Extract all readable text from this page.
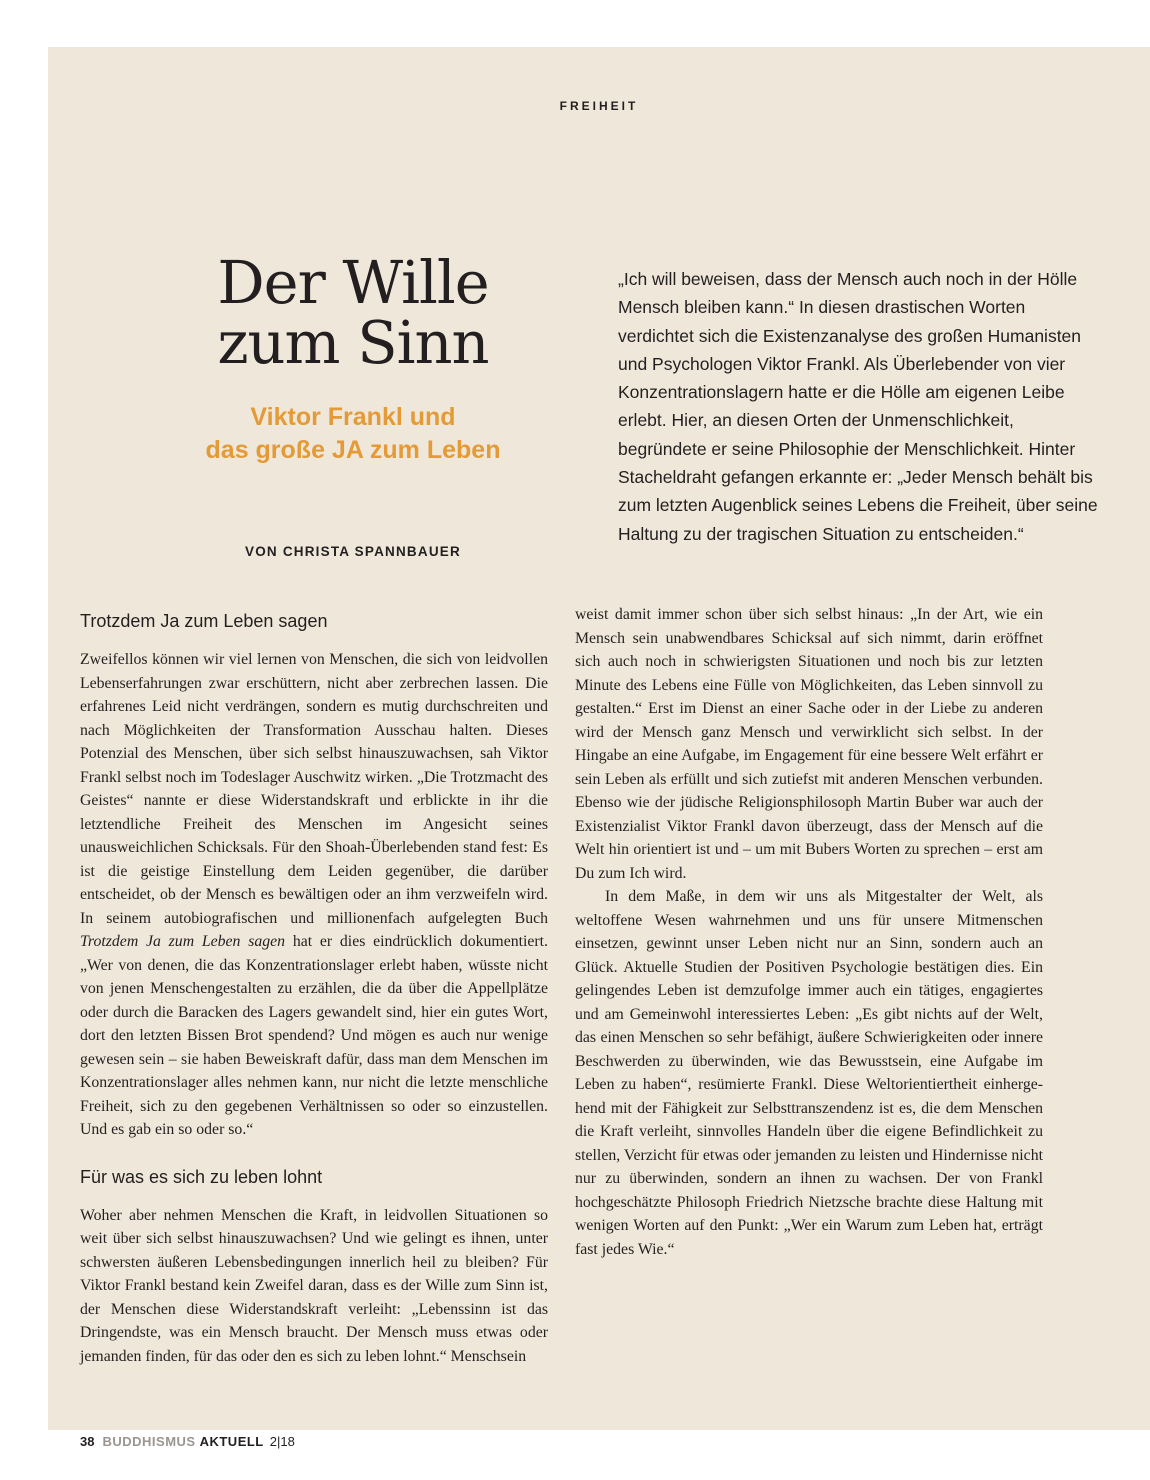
FREIHEIT
Der Wille
zum Sinn
Viktor Frankl und
das große JA zum Leben
VON CHRISTA SPANNBAUER

„Ich will beweisen, dass der Mensch auch noch in der Hölle Mensch bleiben kann.“ In diesen drastischen Worten verdichtet sich die Existenzanalyse des großen Humanisten und Psychologen Viktor Frankl. Als Überlebender von vier Konzentrationslagern hatte er die Hölle am eigenen Leibe erlebt. Hier, an diesen Orten der Unmenschlichkeit, begründete er seine Philosophie der Menschlichkeit. Hinter Stacheldraht gefangen erkannte er: „Jeder Mensch behält bis zum letzten Augenblick seines Lebens die Freiheit, über seine Haltung zu der tragischen Situation zu entscheiden.“

Trotzdem Ja zum Leben sagen

Zweifellos können wir viel lernen von Menschen, die sich von leidvollen Lebenserfahrungen zwar erschüttern, nicht aber zerbrechen lassen. Die erfahrenes Leid nicht verdrängen, sondern es mutig durchschreiten und nach Möglichkeiten der Transformation Ausschau halten. Dieses Potenzial des Menschen, über sich selbst hinauszuwachsen, sah Viktor Frankl selbst noch im Todeslager Auschwitz wirken. „Die Trotzmacht des Geistes“ nannte er diese Widerstandskraft und erblickte in ihr die letztendliche Freiheit des Menschen im Angesicht seines unausweichlichen Schicksals. Für den Shoah-Überlebenden stand fest: Es ist die geistige Einstellung dem Leiden gegenüber, die darüber entscheidet, ob der Mensch es bewältigen oder an ihm verzweifeln wird. In seinem autobiografischen und millionenfach aufgelegten Buch Trotzdem Ja zum Leben sagen hat er dies eindrücklich dokumentiert. „Wer von denen, die das Konzentrationslager erlebt haben, wüsste nicht von jenen Menschengestalten zu erzählen, die da über die Appellplätze oder durch die Baracken des Lagers gewandelt sind, hier ein gutes Wort, dort den letzten Bissen Brot spendend? Und mögen es auch nur wenige gewesen sein – sie haben Beweiskraft dafür, dass man dem Menschen im Konzentrationslager alles nehmen kann, nur nicht die letzte menschliche Freiheit, sich zu den gegebenen Verhältnissen so oder so einzustellen. Und es gab ein so oder so.“

Für was es sich zu leben lohnt

Woher aber nehmen Menschen die Kraft, in leidvollen Situationen so weit über sich selbst hinauszuwachsen? Und wie gelingt es ihnen, unter schwersten äußeren Lebensbedingungen innerlich heil zu bleiben? Für Viktor Frankl bestand kein Zweifel daran, dass es der Wille zum Sinn ist, der Menschen diese Widerstandskraft verleiht: „Lebenssinn ist das Dringendste, was ein Mensch braucht. Der Mensch muss etwas oder jemanden finden, für das oder den es sich zu leben lohnt.“ Menschsein

weist damit immer schon über sich selbst hinaus: „In der Art, wie ein Mensch sein unabwendbares Schicksal auf sich nimmt, darin eröffnet sich auch noch in schwierigsten Situationen und noch bis zur letzten Minute des Lebens eine Fülle von Möglichkeiten, das Leben sinnvoll zu gestalten.“ Erst im Dienst an einer Sache oder in der Liebe zu anderen wird der Mensch ganz Mensch und verwirklicht sich selbst. In der Hingabe an eine Aufgabe, im Engagement für eine bessere Welt erfährt er sein Leben als erfüllt und sich zutiefst mit anderen Menschen verbunden. Ebenso wie der jüdische Religionsphilosoph Martin Buber war auch der Existenzialist Viktor Frankl davon überzeugt, dass der Mensch auf die Welt hin orientiert ist und – um mit Bubers Worten zu sprechen – erst am Du zum Ich wird.

In dem Maße, in dem wir uns als Mitgestalter der Welt, als weltoffene Wesen wahrnehmen und uns für unsere Mitmenschen einsetzen, gewinnt unser Leben nicht nur an Sinn, sondern auch an Glück. Aktuelle Studien der Positiven Psychologie bestätigen dies. Ein gelingendes Leben ist demzufolge immer auch ein tätiges, engagiertes und am Gemeinwohl interessiertes Leben: „Es gibt nichts auf der Welt, das einen Menschen so sehr befähigt, äußere Schwierigkeiten oder innere Beschwerden zu überwinden, wie das Bewusstsein, eine Aufgabe im Leben zu haben“, resümierte Frankl. Diese Weltorientiertheit einhergehend mit der Fähigkeit zur Selbsttranszendenz ist es, die dem Menschen die Kraft verleiht, sinnvolles Handeln über die eigene Befindlichkeit zu stellen, Verzicht für etwas oder jemanden zu leisten und Hindernisse nicht nur zu überwinden, sondern an ihnen zu wachsen. Der von Frankl hochgeschätzte Philosoph Friedrich Nietzsche brachte diese Haltung mit wenigen Worten auf den Punkt: „Wer ein Warum zum Leben hat, erträgt fast jedes Wie.“

38 BUDDHISMUS AKTUELL 2|18
